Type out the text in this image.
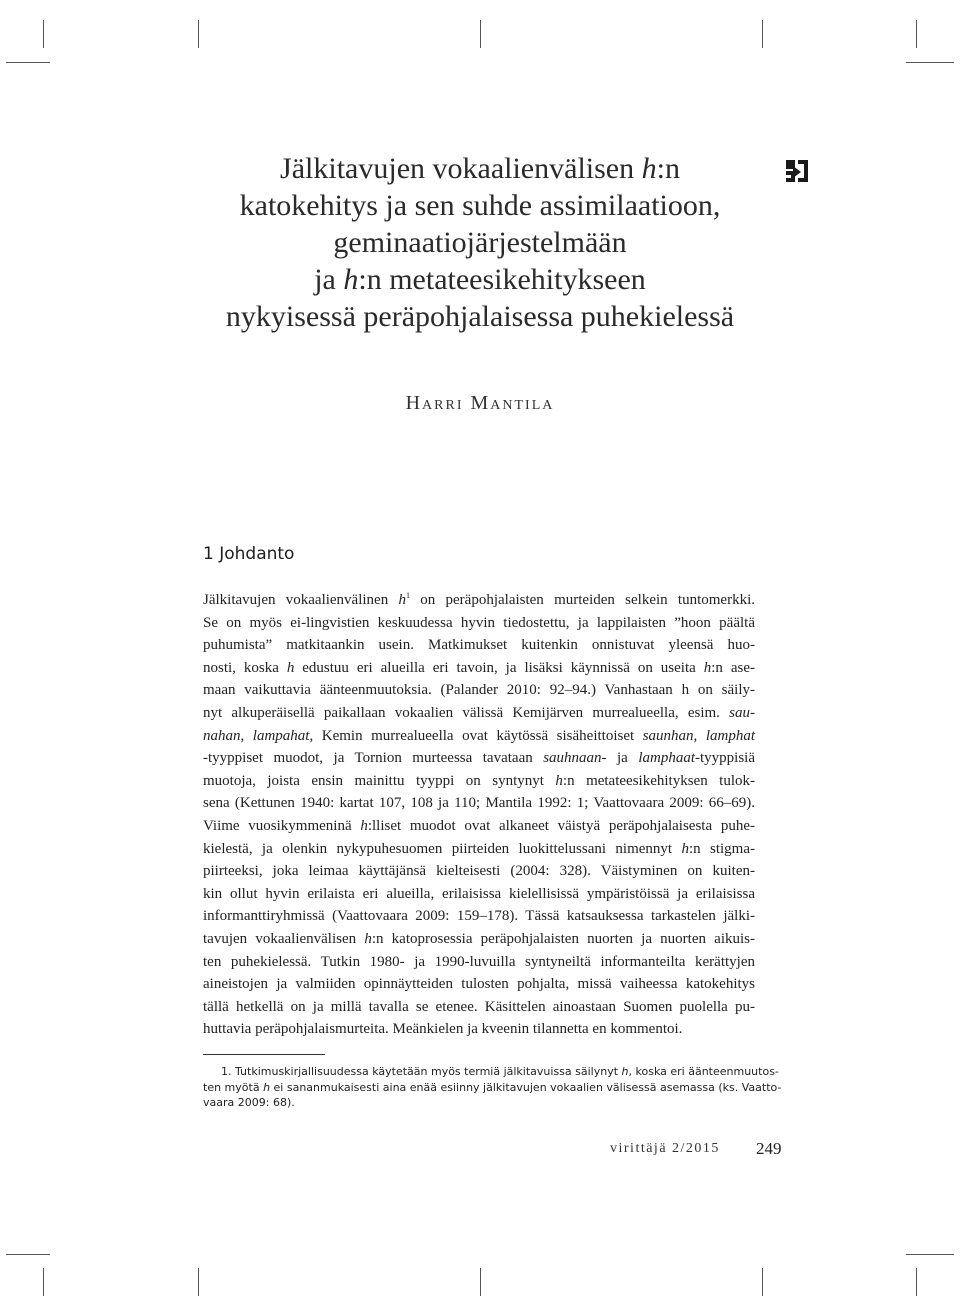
Jälkitavujen vokaalienvälisen h:n
katokehitys ja sen suhde assimilaatioon,
geminaatiojärjestelmään
ja h:n metateesikehitykseen
nykyisessä peräpohjalaisessa puhekielessä
Harri Mantila
1 Johdanto
Jälkitavujen vokaalienvälinen $h^1$ on peräpohjalaisten murteiden selkein tuntomerkki.
Se on myös ei-lingvistien keskuudessa hyvin tiedostettu, ja lappilaisten ”hoon päältä
puhumista” matkitaankin usein. Matkimukset kuitenkin onnistuvat yleensä huo-
nosti, koska h edustuu eri alueilla eri tavoin, ja lisäksi käynnissä on useita h:n ase-
maan vaikuttavia äänteenmuutoksia. (Palander 2010: 92–94.) Vanhastaan h on säily-
nyt alkuperäisellä paikallaan vokaalien välissä Kemijärven murrealueella, esim. sau-
nahan, lampahat, Kemin murrealueella ovat käytössä sisäheittoiset saunhan, lamphat
-tyyppiset muodot, ja Tornion murteessa tavataan sauhnaan- ja lamphaat-tyyppisiä
muotoja, joista ensin mainittu tyyppi on syntynyt h:n metateesikehityksen tulok-
sena (Kettunen 1940: kartat 107, 108 ja 110; Mantila 1992: 1; Vaattovaara 2009: 66–69).
Viime vuosikymmeninä h:lliset muodot ovat alkaneet väistyä peräpohjalaisesta puhe-
kielestä, ja olenkin nykypuhesuomen piirteiden luokittelussani nimennyt h:n stigma-
piirteeksi, joka leimaa käyttäjänsä kielteisesti (2004: 328). Väistyminen on kuiten-
kin ollut hyvin erilaista eri alueilla, erilaisissa kielellisissä ympäristöissä ja erilaisissa
informanttiryhmissä (Vaattovaara 2009: 159–178). Tässä katsauksessa tarkastelen jälki-
tavujen vokaalienvälisen h:n katoprosessia peräpohjalaisten nuorten ja nuorten aikuis-
ten puhekielessä. Tutkin 1980- ja 1990-luvuilla syntyneiltä informanteilta kerättyjen
aineistojen ja valmiiden opinnäytteiden tulosten pohjalta, missä vaiheessa katokehitys
tällä hetkellä on ja millä tavalla se etenee. Käsittelen ainoastaan Suomen puolella pu-
huttavia peräpohjalaismurteita. Meänkielen ja kveenin tilannetta en kommentoi.
1. Tutkimuskirjallisuudessa käytetään myös termiä jälkitavuissa säilynyt h, koska eri äänteenmuutos-
ten myötä h ei sananmukaisesti aina enää esiinny jälkitavujen vokaalien välisessä asemassa (ks. Vaatto-
vaara 2009: 68).
virittäjä 2/2015 249
